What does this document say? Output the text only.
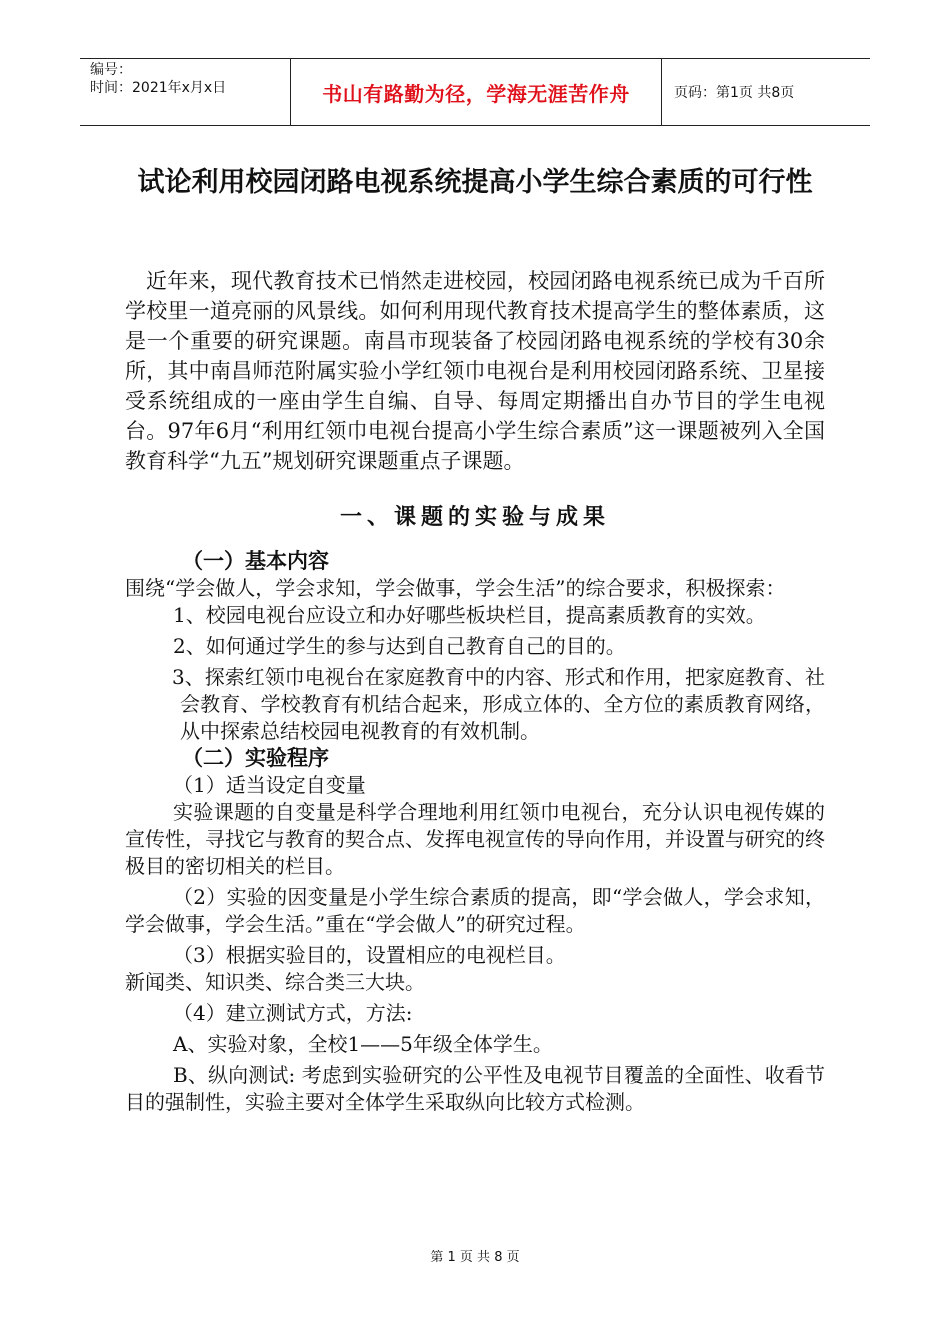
编号：
时间：2021年x月x日	书山有路勤为径，学海无涯苦作舟	页码：第1页 共8页
试论利用校园闭路电视系统提高小学生综合素质的可行性
近年来，现代教育技术已悄然走进校园，校园闭路电视系统已成为千百所学校里一道亮丽的风景线。如何利用现代教育技术提高学生的整体素质，这是一个重要的研究课题。南昌市现装备了校园闭路电视系统的学校有30余所，其中南昌师范附属实验小学红领巾电视台是利用校园闭路系统、卫星接受系统组成的一座由学生自编、自导、每周定期播出自办节目的学生电视台。97年6月“利用红领巾电视台提高小学生综合素质”这一课题被列入全国教育科学“九五”规划研究课题重点子课题。
一、课题的实验与成果

（一）基本内容

围绕“学会做人，学会求知，学会做事，学会生活”的综合要求，积极探索：

1、校园电视台应设立和办好哪些板块栏目，提高素质教育的实效。

2、如何通过学生的参与达到自己教育自己的目的。

3、探索红领巾电视台在家庭教育中的内容、形式和作用，把家庭教育、社会教育、学校教育有机结合起来，形成立体的、全方位的素质教育网络，从中探索总结校园电视教育的有效机制。

（二）实验程序

（1）适当设定自变量

实验课题的自变量是科学合理地利用红领巾电视台，充分认识电视传媒的宣传性，寻找它与教育的契合点、发挥电视宣传的导向作用，并设置与研究的终极目的密切相关的栏目。

（2）实验的因变量是小学生综合素质的提高，即“学会做人，学会求知，学会做事，学会生活。”重在“学会做人”的研究过程。

（3）根据实验目的，设置相应的电视栏目。

新闻类、知识类、综合类三大块。

（4）建立测试方式，方法:

A、实验对象，全校1——5年级全体学生。

B、纵向测试: 考虑到实验研究的公平性及电视节目覆盖的全面性、收看节目的强制性，实验主要对全体学生采取纵向比较方式检测。

第 1 页 共 8 页
